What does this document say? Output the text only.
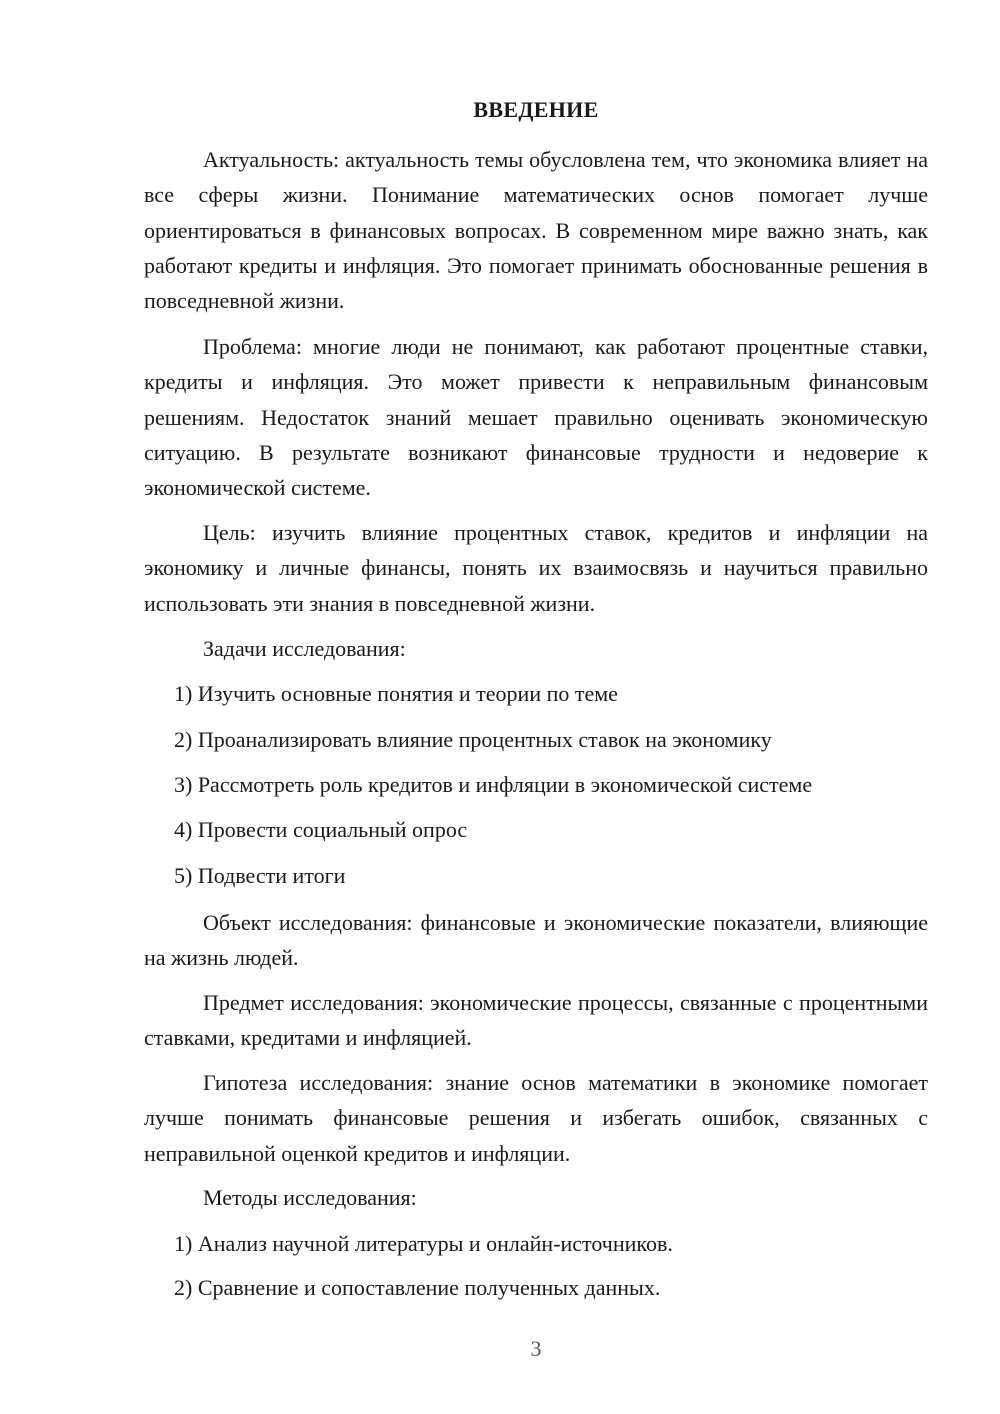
ВВЕДЕНИЕ

Актуальность: актуальность темы обусловлена тем, что экономика влияет на все сферы жизни. Понимание математических основ помогает лучше ориентироваться в финансовых вопросах. В современном мире важно знать, как работают кредиты и инфляция. Это помогает принимать обоснованные решения в повседневной жизни.

Проблема: многие люди не понимают, как работают процентные ставки, кредиты и инфляция. Это может привести к неправильным финансовым решениям. Недостаток знаний мешает правильно оценивать экономическую ситуацию. В результате возникают финансовые трудности и недоверие к экономической системе.

Цель: изучить влияние процентных ставок, кредитов и инфляции на экономику и личные финансы, понять их взаимосвязь и научиться правильно использовать эти знания в повседневной жизни.

Задачи исследования:
1) Изучить основные понятия и теории по теме
2) Проанализировать влияние процентных ставок на экономику
3) Рассмотреть роль кредитов и инфляции в экономической системе
4) Провести социальный опрос
5) Подвести итоги

Объект исследования: финансовые и экономические показатели, влияющие на жизнь людей.

Предмет исследования: экономические процессы, связанные с процентными ставками, кредитами и инфляцией.

Гипотеза исследования: знание основ математики в экономике помогает лучше понимать финансовые решения и избегать ошибок, связанных с неправильной оценкой кредитов и инфляции.

Методы исследования:
1) Анализ научной литературы и онлайн-источников.
2) Сравнение и сопоставление полученных данных.
3
